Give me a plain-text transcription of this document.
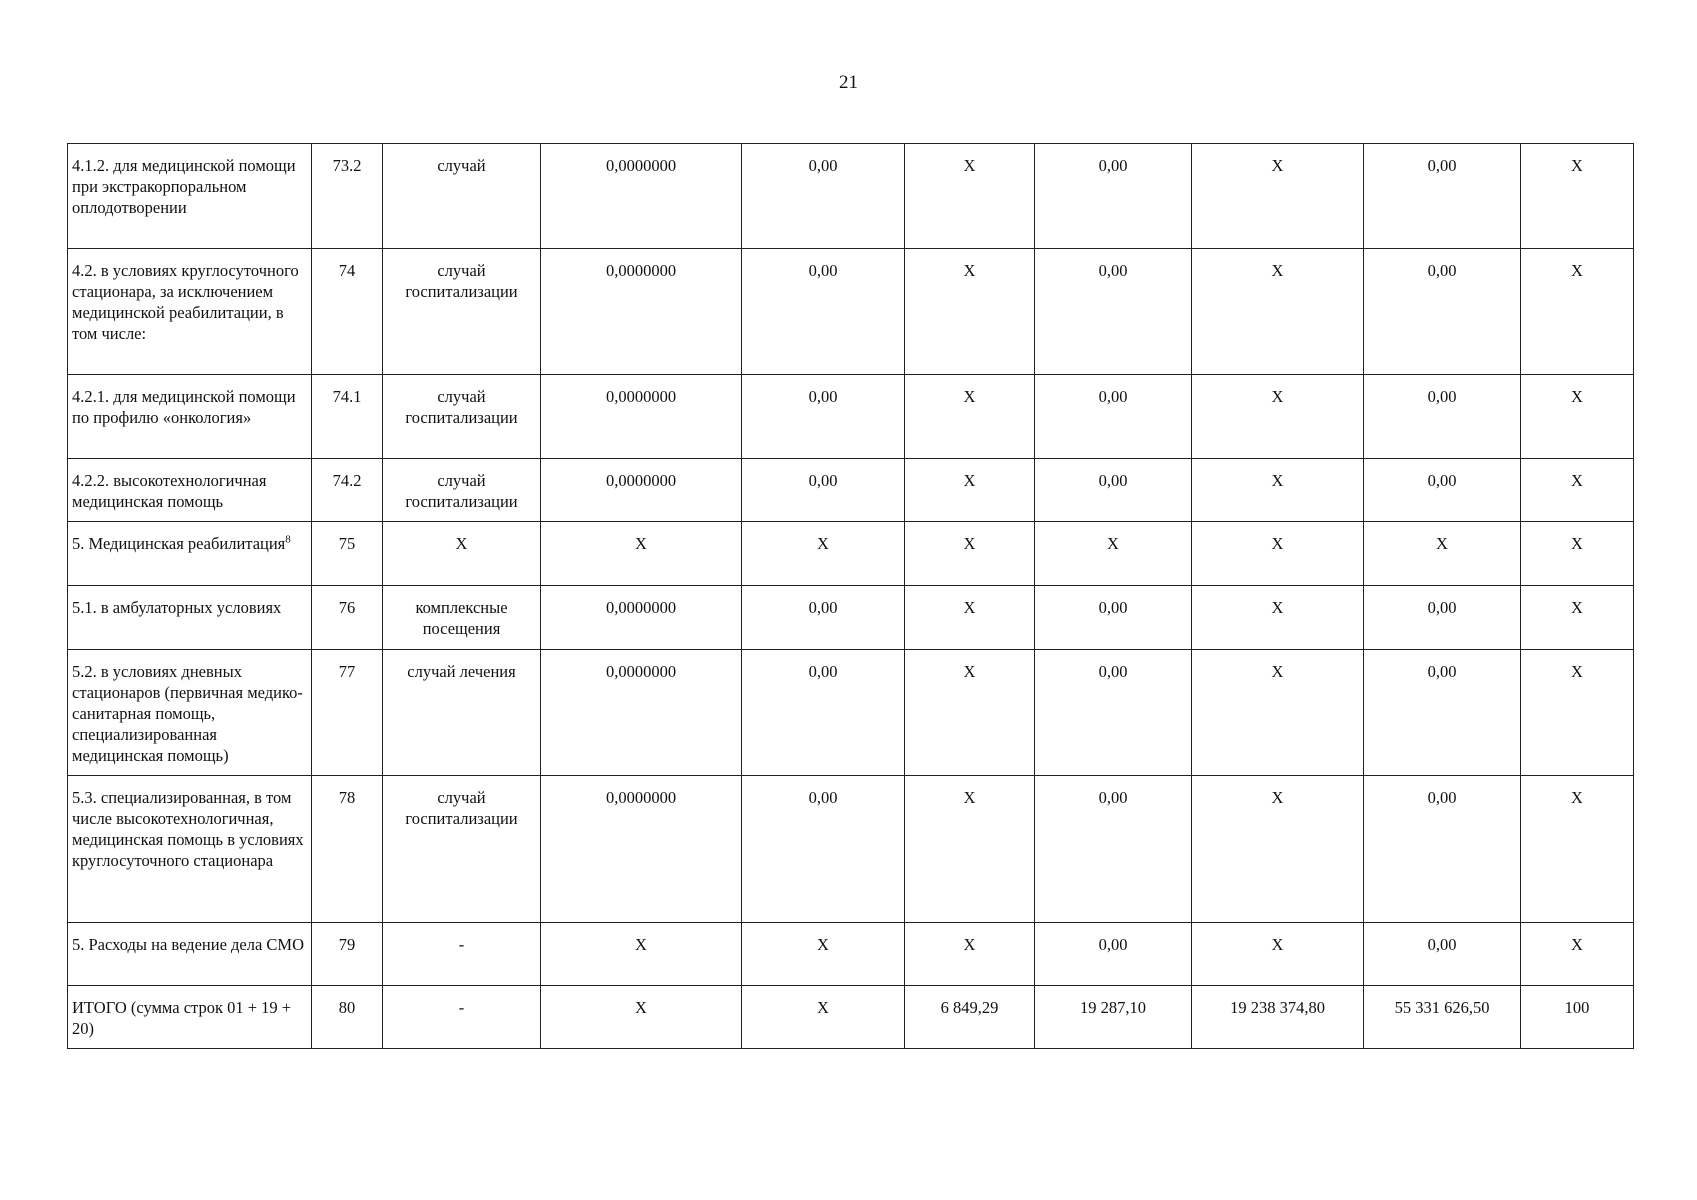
21
4.1.2. для медицинской помощи при экстракорпоральном оплодотворении	73.2	случай	0,0000000	0,00	Х	0,00	Х	0,00	Х
4.2. в условиях круглосуточного стационара, за исключением медицинской реабилитации, в том числе:	74	случай госпитализации	0,0000000	0,00	Х	0,00	Х	0,00	Х
4.2.1. для медицинской помощи по профилю «онкология»	74.1	случай госпитализации	0,0000000	0,00	Х	0,00	Х	0,00	Х
4.2.2. высокотехнологичная медицинская помощь	74.2	случай госпитализации	0,0000000	0,00	Х	0,00	Х	0,00	Х
5. Медицинская реабилитация$^8$	75	Х	Х	Х	Х	Х	Х	Х	Х
5.1. в амбулаторных условиях	76	комплексные посещения	0,0000000	0,00	Х	0,00	Х	0,00	Х
5.2. в условиях дневных стационаров (первичная медико-санитарная помощь, специализированная медицинская помощь)	77	случай лечения	0,0000000	0,00	Х	0,00	Х	0,00	Х
5.3. специализированная, в том числе высокотехнологичная, медицинская помощь в условиях круглосуточного стационара	78	случай госпитализации	0,0000000	0,00	Х	0,00	Х	0,00	Х
5. Расходы на ведение дела СМО	79	-	Х	Х	Х	0,00	Х	0,00	Х
ИТОГО (сумма строк 01 + 19 + 20)	80	-	Х	Х	6 849,29	19 287,10	19 238 374,80	55 331 626,50	100
